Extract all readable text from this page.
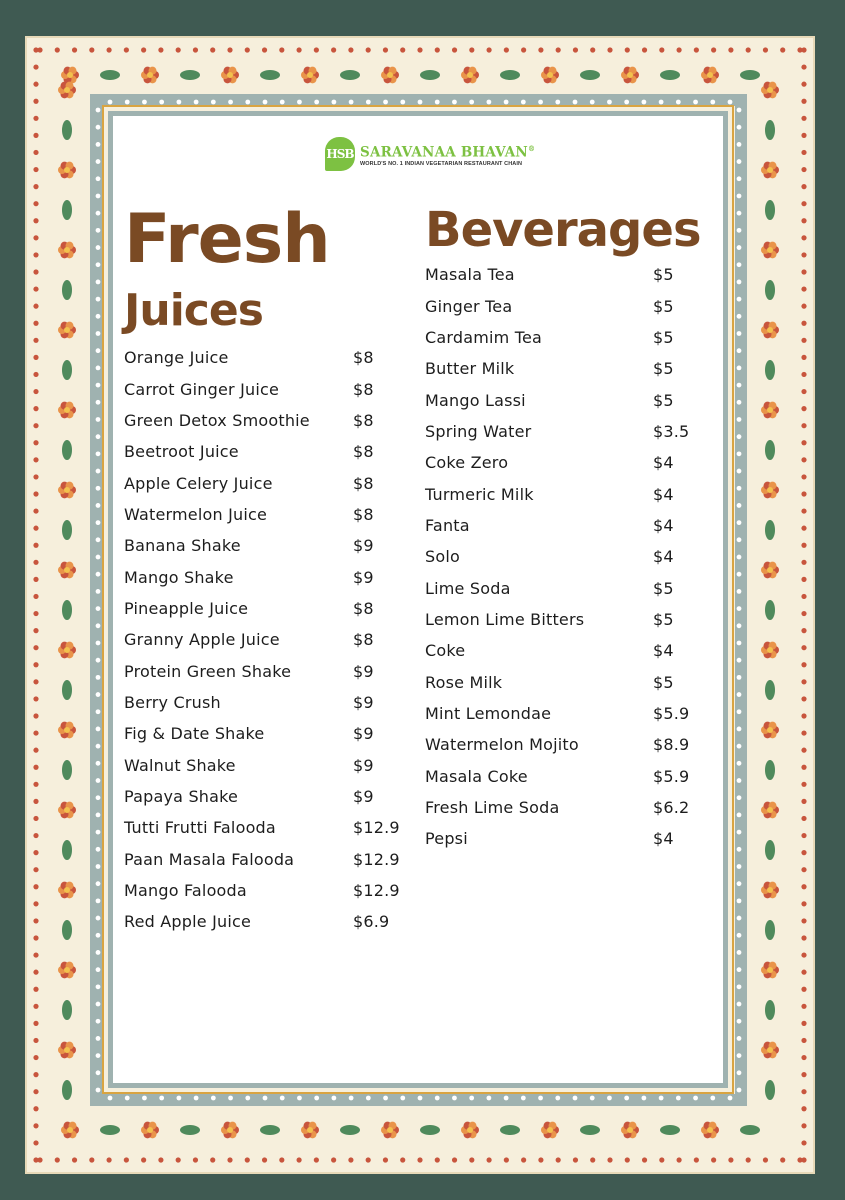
HSB SARAVANAA BHAVAN®
WORLD'S NO. 1 INDIAN VEGETARIAN RESTAURANT CHAIN
Fresh
Juices
Beverages
Orange Juice	$8
Carrot Ginger Juice	$8
Green Detox Smoothie	$8
Beetroot Juice	$8
Apple Celery Juice	$8
Watermelon Juice	$8
Banana Shake	$9
Mango Shake	$9
Pineapple Juice	$8
Granny Apple Juice	$8
Protein Green Shake	$9
Berry Crush	$9
Fig & Date Shake	$9
Walnut Shake	$9
Papaya Shake	$9
Tutti Frutti Falooda	$12.9
Paan Masala Falooda	$12.9
Mango Falooda	$12.9
Red Apple Juice	$6.9
Masala Tea	$5
Ginger Tea	$5
Cardamim Tea	$5
Butter Milk	$5
Mango Lassi	$5
Spring Water	$3.5
Coke Zero	$4
Turmeric Milk	$4
Fanta	$4
Solo	$4
Lime Soda	$5
Lemon Lime Bitters	$5
Coke	$4
Rose Milk	$5
Mint Lemondae	$5.9
Watermelon Mojito	$8.9
Masala Coke	$5.9
Fresh Lime Soda	$6.2
Pepsi	$4
